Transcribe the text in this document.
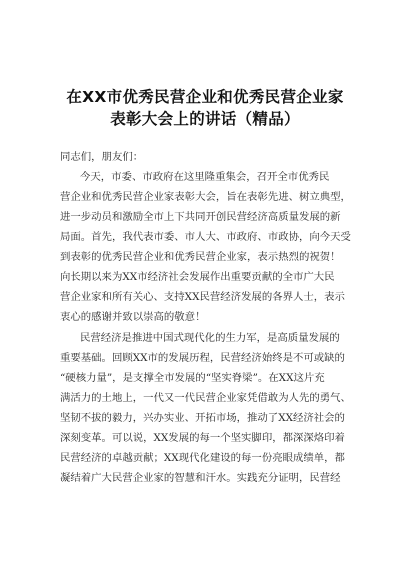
在XX市优秀民营企业和优秀民营企业家
表彰大会上的讲话（精品）
同志们，朋友们：
今天，市委、市政府在这里隆重集会，召开全市优秀民
营企业和优秀民营企业家表彰大会，旨在表彰先进、树立典型，
进一步动员和激励全市上下共同开创民营经济高质量发展的新
局面。首先，我代表市委、市人大、市政府、市政协，向今天受
到表彰的优秀民营企业和优秀民营企业家，表示热烈的祝贺！
向长期以来为XX市经济社会发展作出重要贡献的全市广大民
营企业家和所有关心、支持XX民营经济发展的各界人士，表示
衷心的感谢并致以崇高的敬意！
民营经济是推进中国式现代化的生力军，是高质量发展的
重要基础。回顾XX市的发展历程，民营经济始终是不可或缺的
“硬核力量”，是支撑全市发展的“坚实脊梁”。在XX这片充
满活力的土地上，一代又一代民营企业家凭借敢为人先的勇气、
坚韧不拔的毅力，兴办实业、开拓市场，推动了XX经济社会的
深刻变革。可以说，XX发展的每一个坚实脚印，都深深烙印着
民营经济的卓越贡献；XX现代化建设的每一份亮眼成绩单，都
凝结着广大民营企业家的智慧和汗水。实践充分证明，民营经
